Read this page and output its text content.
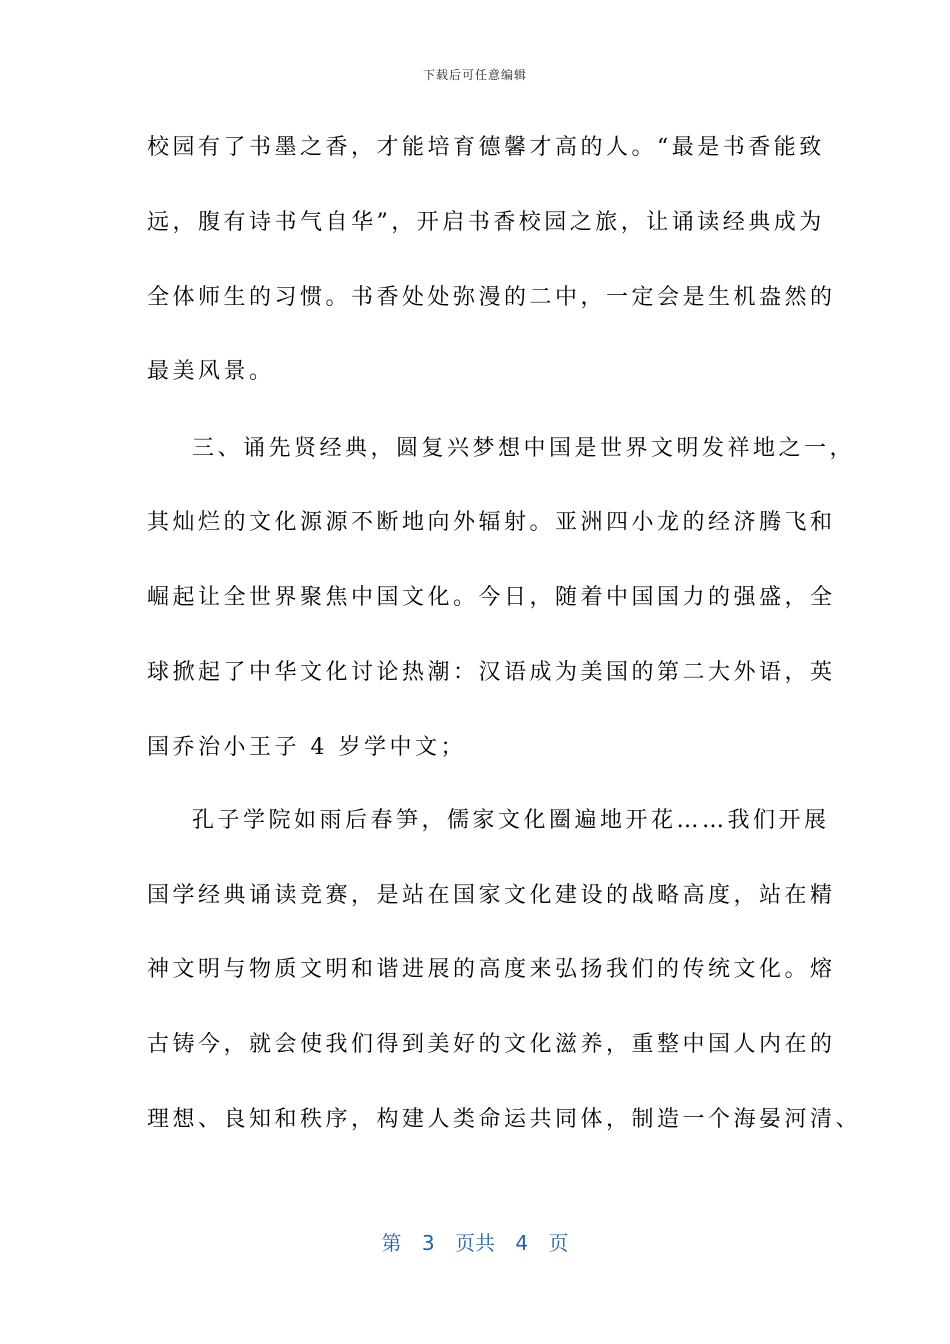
下载后可任意编辑
校园有了书墨之香，才能培育德馨才高的人。“最是书香能致
远，腹有诗书气自华”，开启书香校园之旅，让诵读经典成为
全体师生的习惯。书香处处弥漫的二中，一定会是生机盎然的
最美风景。
三、诵先贤经典，圆复兴梦想中国是世界文明发祥地之一，
其灿烂的文化源源不断地向外辐射。亚洲四小龙的经济腾飞和
崛起让全世界聚焦中国文化。今日，随着中国国力的强盛，全
球掀起了中华文化讨论热潮：汉语成为美国的第二大外语，英
国乔治小王子 4 岁学中文；
孔子学院如雨后春笋，儒家文化圈遍地开花……我们开展
国学经典诵读竞赛，是站在国家文化建设的战略高度，站在精
神文明与物质文明和谐进展的高度来弘扬我们的传统文化。熔
古铸今，就会使我们得到美好的文化滋养，重整中国人内在的
理想、良知和秩序，构建人类命运共同体，制造一个海晏河清、
第 3 页共 4 页
